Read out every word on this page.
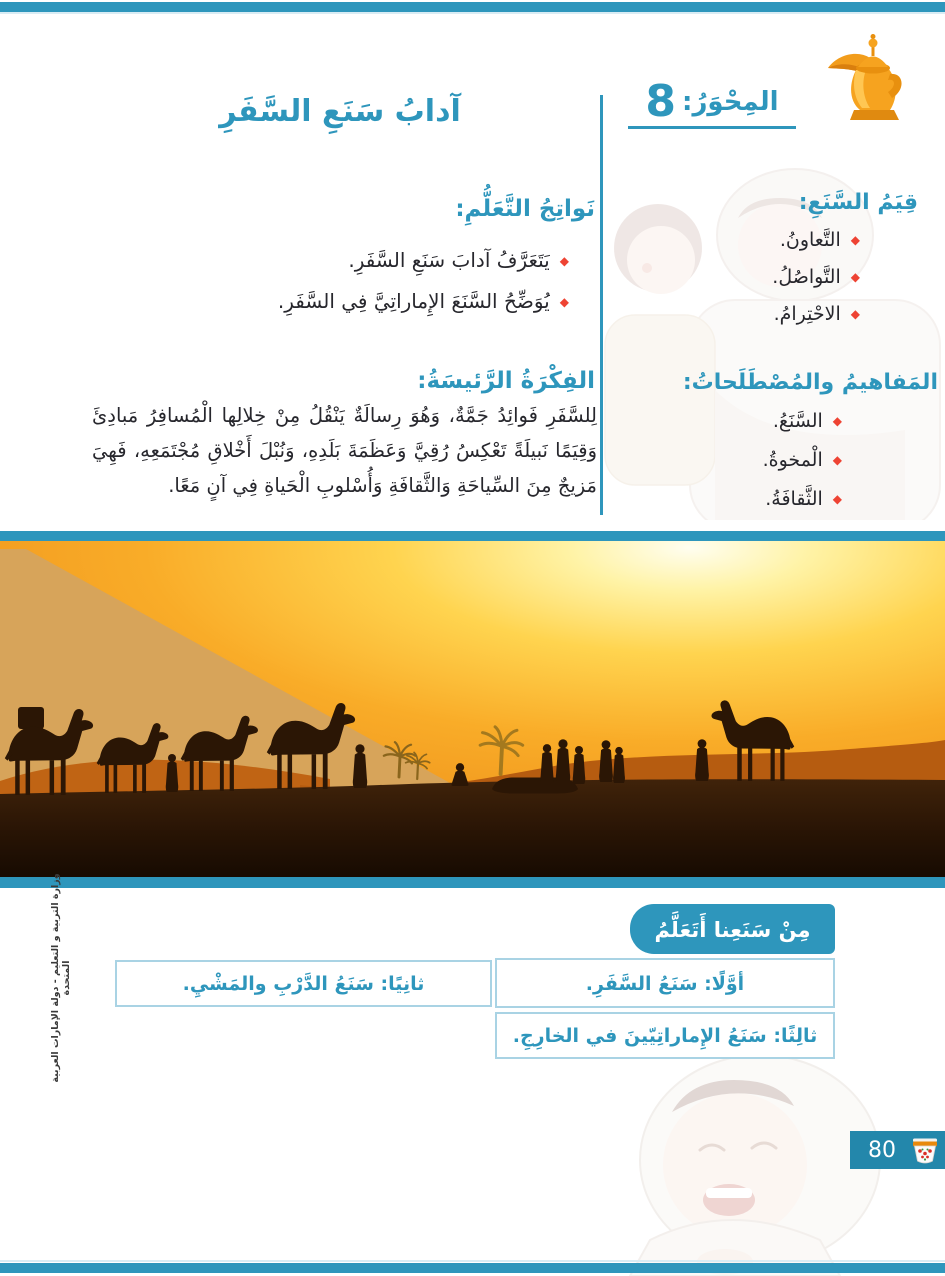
المِحْوَرُ:8
آدابُ سَنَعِ السَّفَرِ
نَواتِجُ التَّعَلُّمِ:
◆يَتَعَرَّفُ آدابَ سَنَعِ السَّفَرِ.
◆يُوَضِّحُ السَّنَعَ الإِماراتِيَّ فِي السَّفَرِ.
الفِكْرَةُ الرَّئيسَةُ:
لِلسَّفَرِ فَوائِدُ جَمَّةٌ، وَهُوَ رِسالَةٌ يَنْقُلُ مِنْ خِلالِها الْمُسافِرُ مَبادِئَ وَقِيَمًا نَبيلَةً تَعْكِسُ رُقِيَّ وَعَظَمَةَ بَلَدِهِ، وَنُبْلَ أَخْلاقِ مُجْتَمَعِهِ، فَهِيَ مَزيجٌ مِنَ السِّياحَةِ وَالثَّقافَةِ وَأُسْلوبِ الْحَياةِ فِي آنٍ مَعًا.
قِيَمُ السَّنَعِ:
◆التَّعاونُ.
◆التَّواصُلُ.
◆الاحْتِرامُ.
المَفاهيمُ والمُصْطَلَحاتُ:
◆السَّنَعُ.
◆الْمخوةُ.
◆الثَّقافَةُ.
مِنْ سَنَعِنا أَتَعَلَّمُ
أوَّلًا: سَنَعُ السَّفَرِ.
ثانِيًا: سَنَعُ الدَّرْبِ والمَشْيِ.
ثالِثًا: سَنَعُ الإِماراتِيّينَ في الخارِجِ.
وزارة التربية و التعليم - دولة الإمارات العربية المتحدة
80
